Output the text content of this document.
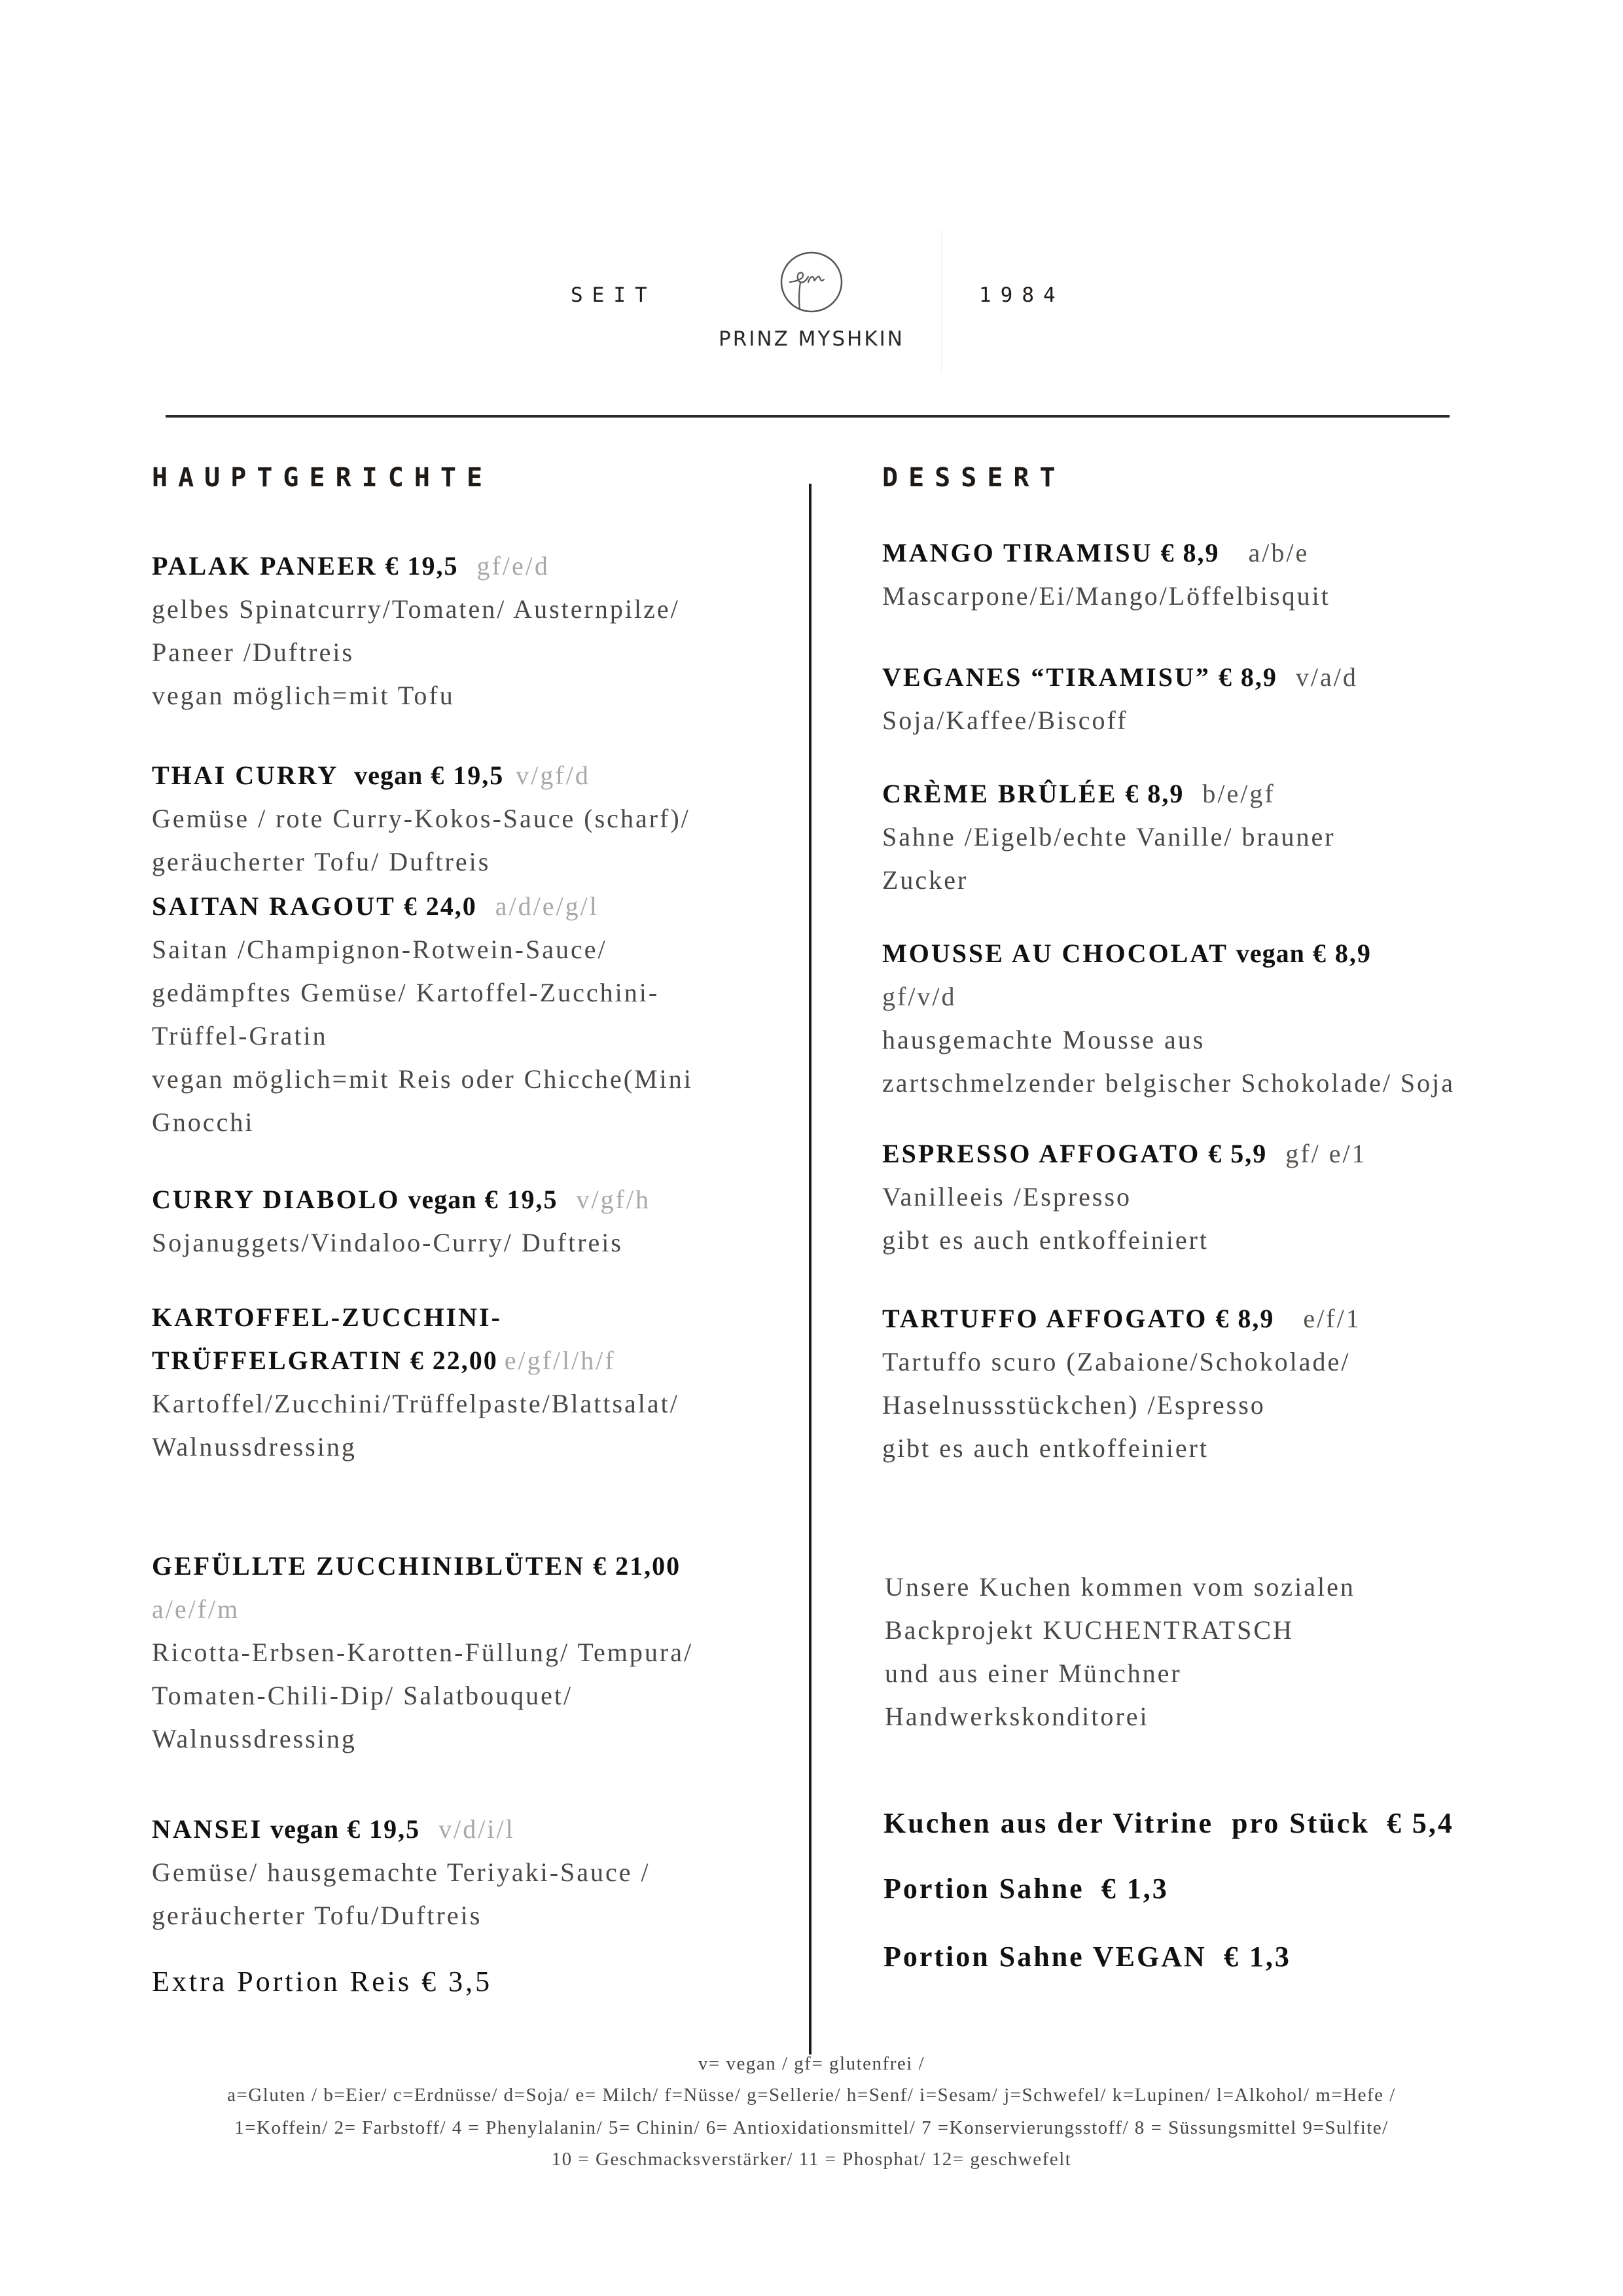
SEIT
PRINZ MYSHKIN
1984
HAUPTGERICHTE
PALAK PANEER € 19,5 gf/e/d
gelbes Spinatcurry/Tomaten/ Austernpilze/
Paneer /Duftreis
vegan möglich=mit Tofu
THAI CURRY vegan € 19,5 v/gf/d
Gemüse / rote Curry-Kokos-Sauce (scharf)/
geräucherter Tofu/ Duftreis
SAITAN RAGOUT € 24,0 a/d/e/g/l
Saitan /Champignon-Rotwein-Sauce/
gedämpftes Gemüse/ Kartoffel-Zucchini-
Trüffel-Gratin
vegan möglich=mit Reis oder Chicche(Mini
Gnocchi
CURRY DIABOLO vegan € 19,5 v/gf/h
Sojanuggets/Vindaloo-Curry/ Duftreis
KARTOFFEL-ZUCCHINI-
TRÜFFELGRATIN € 22,00 e/gf/l/h/f
Kartoffel/Zucchini/Trüffelpaste/Blattsalat/
Walnussdressing
GEFÜLLTE ZUCCHINIBLÜTEN € 21,00
a/e/f/m
Ricotta-Erbsen-Karotten-Füllung/ Tempura/
Tomaten-Chili-Dip/ Salatbouquet/
Walnussdressing
NANSEI vegan € 19,5 v/d/i/l
Gemüse/ hausgemachte Teriyaki-Sauce /
geräucherter Tofu/Duftreis
Extra Portion Reis € 3,5
DESSERT
MANGO TIRAMISU € 8,9 a/b/e
Mascarpone/Ei/Mango/Löffelbisquit
VEGANES “TIRAMISU” € 8,9 v/a/d
Soja/Kaffee/Biscoff
CRÈME BRÛLÉE € 8,9 b/e/gf
Sahne /Eigelb/echte Vanille/ brauner
Zucker
MOUSSE AU CHOCOLAT vegan € 8,9
gf/v/d
hausgemachte Mousse aus
zartschmelzender belgischer Schokolade/ Soja
ESPRESSO AFFOGATO € 5,9 gf/ e/1
Vanilleeis /Espresso
gibt es auch entkoffeiniert
TARTUFFO AFFOGATO € 8,9 e/f/1
Tartuffo scuro (Zabaione/Schokolade/
Haselnussstückchen) /Espresso
gibt es auch entkoffeiniert
Unsere Kuchen kommen vom sozialen
Backprojekt KUCHENTRATSCH
und aus einer Münchner
Handwerkskonditorei
Kuchen aus der Vitrine  pro Stück € 5,4
Portion Sahne € 1,3
Portion Sahne VEGAN € 1,3
v= vegan / gf= glutenfrei /
a=Gluten / b=Eier/ c=Erdnüsse/ d=Soja/ e= Milch/ f=Nüsse/ g=Sellerie/ h=Senf/ i=Sesam/ j=Schwefel/ k=Lupinen/ l=Alkohol/ m=Hefe /
1=Koffein/ 2= Farbstoff/ 4 = Phenylalanin/ 5= Chinin/ 6= Antioxidationsmittel/ 7 =Konservierungsstoff/ 8 = Süssungsmittel 9=Sulfite/
10 = Geschmacksverstärker/ 11 = Phosphat/ 12= geschwefelt
